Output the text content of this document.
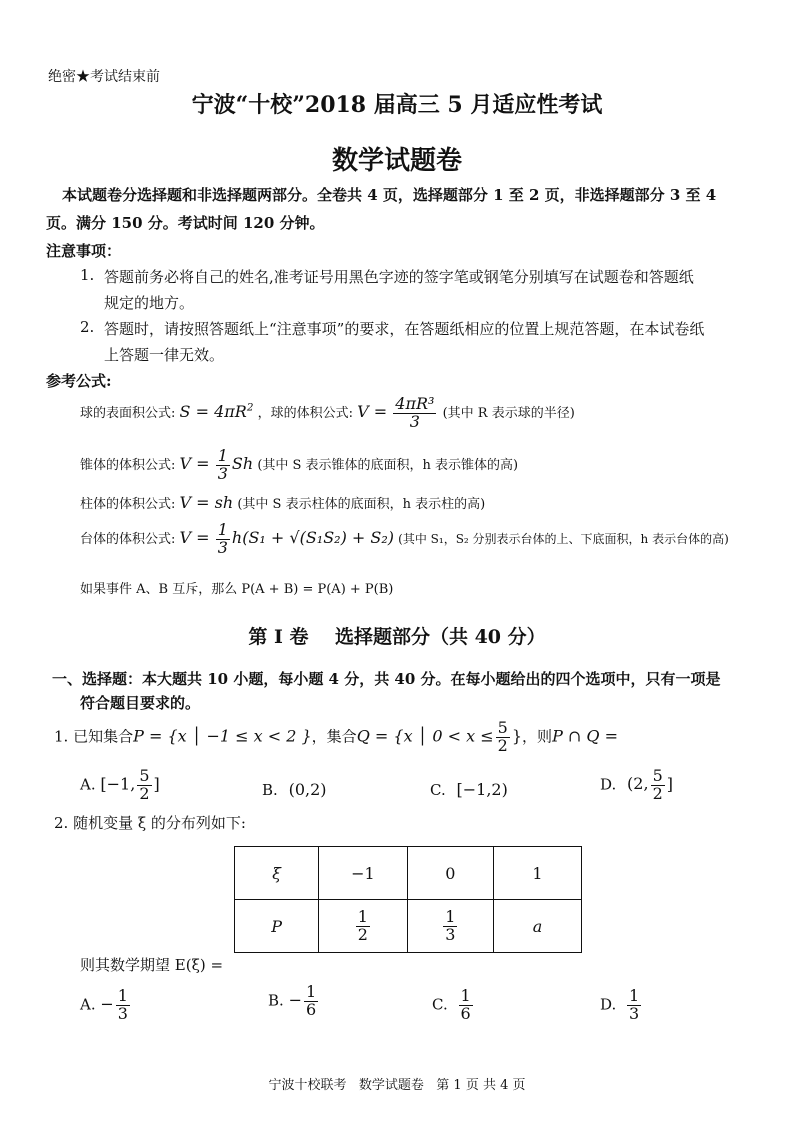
绝密★考试结束前
宁波“十校”2018 届高三 5 月适应性考试
数学试题卷
本试题卷分选择题和非选择题两部分。全卷共 4 页，选择题部分 1 至 2 页，非选择题部分 3 至 4
页。满分 150 分。考试时间 120 分钟。
注意事项：
1. 答题前务必将自己的姓名,准考证号用黑色字迹的签字笔或钢笔分别填写在试题卷和答题纸
规定的地方。
2. 答题时，请按照答题纸上“注意事项”的要求，在答题纸相应的位置上规范答题，在本试卷纸
上答题一律无效。
参考公式:
球的表面积公式: $S = 4\pi R^2$ ，球的体积公式: $V = \frac{\text{4πR³}}{3}$ (其中 R 表示球的半径)
锥体的体积公式: $V = \frac{1}{3}$ Sh (其中 S 表示锥体的底面积，h 表示锥体的高)
柱体的体积公式: V = sh (其中 S 表示柱体的底面积，h 表示柱的高)
台体的体积公式: $V = \frac{1}{3} h(S_1 + √(S_1S_2) + S_2)$ (其中 S₁，S₂ 分别表示台体的上、下底面积，h 表示台体的高)
如果事件 A、B 互斥，那么 P(A + B) = P(A) + P(B)
第 I 卷    选择题部分（共 40 分）
一、选择题：本大题共 10 小题，每小题 4 分，共 40 分。在每小题给出的四个选项中，只有一项是
符合题目要求的。
1. 已知集合P = {x │ −1 ≤ x < 2 }，集合Q = {x │ $0 < x \le \frac{5}{2}$ }，则P ∩ Q =
A. [−1, $\frac{5}{2}$ ]	B. (0,2)	C. [−1,2)	D. (2, $\frac{5}{2}$ ]
2. 随机变量 ξ 的分布列如下:
ξ	−1	0	1
P	$\frac{1}{2}$	$\frac{1}{3}$	a
则其数学期望 E(ξ) =
A. − $\frac{1}{3}$	B. − $\frac{1}{6}$	C. $\frac{1}{6}$	D. $\frac{1}{3}$
宁波十校联考   数学试题卷   第 1 页 共 4 页
